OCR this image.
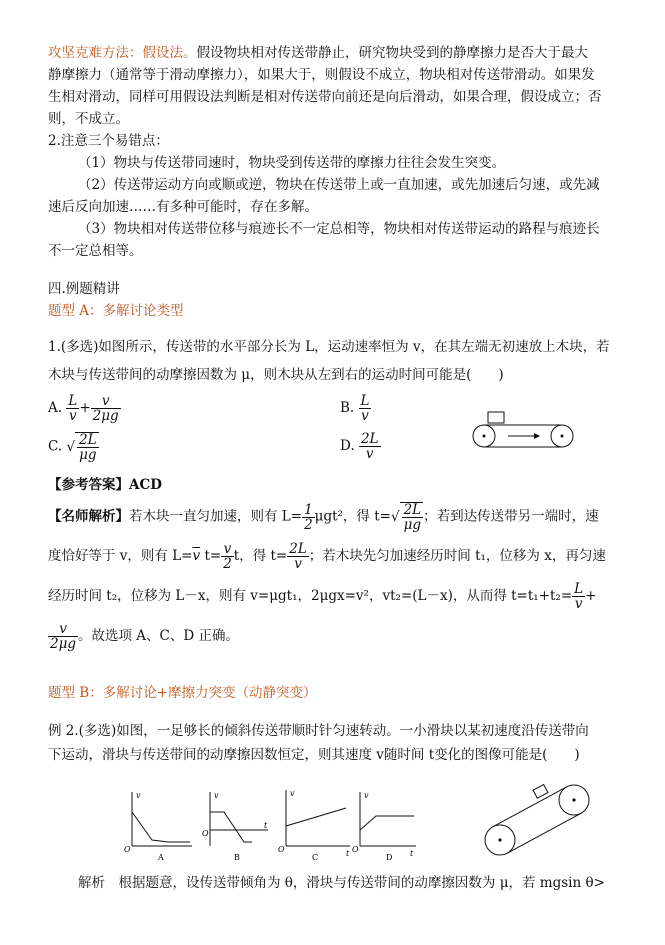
攻坚克难方法：假设法。假设物块相对传送带静止，研究物块受到的静摩擦力是否大于最大
静摩擦力（通常等于滑动摩擦力），如果大于，则假设不成立，物块相对传送带滑动。如果发
生相对滑动，同样可用假设法判断是相对传送带向前还是向后滑动，如果合理，假设成立；否
则，不成立。
2.注意三个易错点：
（1）物块与传送带同速时，物块受到传送带的摩擦力往往会发生突变。
（2）传送带运动方向或顺或逆，物块在传送带上或一直加速，或先加速后匀速，或先减
速后反向加速……有多种可能时，存在多解。
（3）物块相对传送带位移与痕迹长不一定总相等，物块相对传送带运动的路程与痕迹长
不一定总相等。
四.例题精讲
题型 A：多解讨论类型
1.(多选)如图所示，传送带的水平部分长为 L，运动速率恒为 v，在其左端无初速放上木块，若
木块与传送带间的动摩擦因数为 μ，则木块从左到右的运动时间可能是(　　)
A. $\frac{L}{v} + \frac{v}{2\mu g}$	B. $\frac{L}{v}$
C. √ $\frac{2L}{\mu g}$	D. $\frac{2L}{v}$
【参考答案】ACD
【名师解析】若木块一直匀加速，则有 $L= \frac{1}{2} \mu gt^2$，得 $t=√ \frac{2L}{\mu g}$ ；若到达传送带另一端时，速
度恰好等于 v，则有 $L=\overline{v}$ $t= \frac{v}{2}$ t，得 $t= \frac{2L}{v}$ ；若木块先匀加速经历时间 t₁，位移为 x，再匀速
经历时间 t₂，位移为 L－x，则有 v=μgt₁，2μgx=v²，vt₂=(L－x)，从而得 $t=t_1+t_2= \frac{L}{v}$ +
$\frac{v}{2\mu g}$ 。故选项 A、C、D 正确。
题型 B：多解讨论+摩擦力突变（动静突变）
例 2.(多选)如图，一足够长的倾斜传送带顺时针匀速转动。一小滑块以某初速度沿传送带向
下运动，滑块与传送带间的动摩擦因数恒定，则其速度 v随时间 t变化的图像可能是(　　)
v
O
A
v
t
O
B
v
t
O
C
v
t
O
D
解析　根据题意，设传送带倾角为 θ，滑块与传送带间的动摩擦因数为 μ，若 mgsin θ>
